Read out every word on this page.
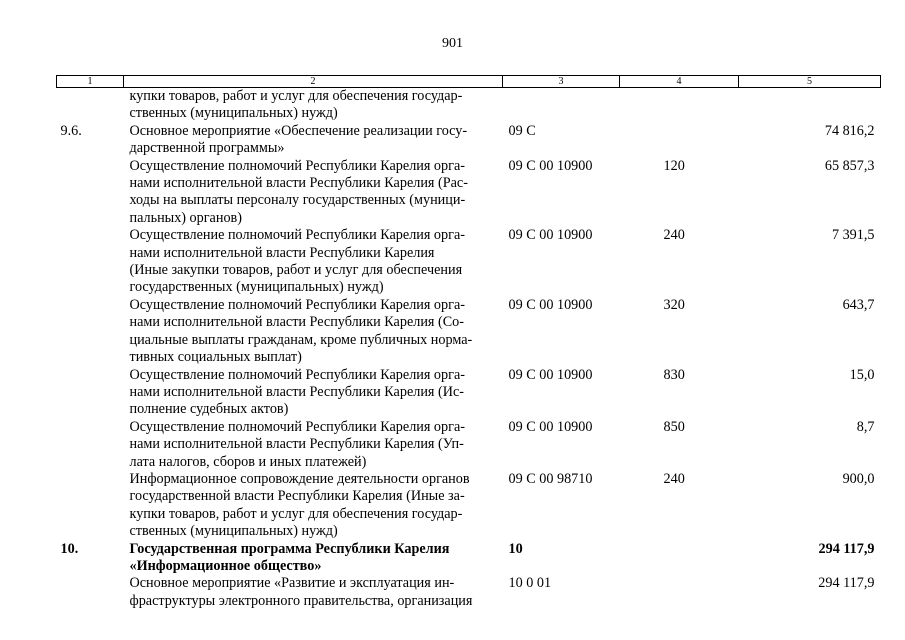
901
1	2	3	4	5

	купки товаров, работ и услуг для обеспечения государ-
ственных (муниципальных) нужд)			

9.6.	Основное мероприятие «Обеспечение реализации госу-
дарственной программы»	09 С		74 816,2

	Осуществление полномочий Республики Карелия орга-
нами исполнительной власти Республики Карелия (Рас-
ходы на выплаты персоналу государственных (муници-
пальных) органов)	09 С 00 10900	120	65 857,3

	Осуществление полномочий Республики Карелия орга-
нами исполнительной власти Республики Карелия
(Иные закупки товаров, работ и услуг для обеспечения
государственных (муниципальных) нужд)	09 С 00 10900	240	7 391,5

	Осуществление полномочий Республики Карелия орга-
нами исполнительной власти Республики Карелия (Со-
циальные выплаты гражданам, кроме публичных норма-
тивных социальных выплат)	09 С 00 10900	320	643,7

	Осуществление полномочий Республики Карелия орга-
нами исполнительной власти Республики Карелия (Ис-
полнение судебных актов)	09 С 00 10900	830	15,0

	Осуществление полномочий Республики Карелия орга-
нами исполнительной власти Республики Карелия (Уп-
лата налогов, сборов и иных платежей)	09 С 00 10900	850	8,7

	Информационное сопровождение деятельности органов
государственной власти Республики Карелия (Иные за-
купки товаров, работ и услуг для обеспечения государ-
ственных (муниципальных) нужд)	09 С 00 98710	240	900,0

10.	Государственная программа Республики Карелия
«Информационное общество»	10		294 117,9

	Основное мероприятие «Развитие и эксплуатация ин-
фраструктуры электронного правительства, организация	10 0 01		294 117,9
